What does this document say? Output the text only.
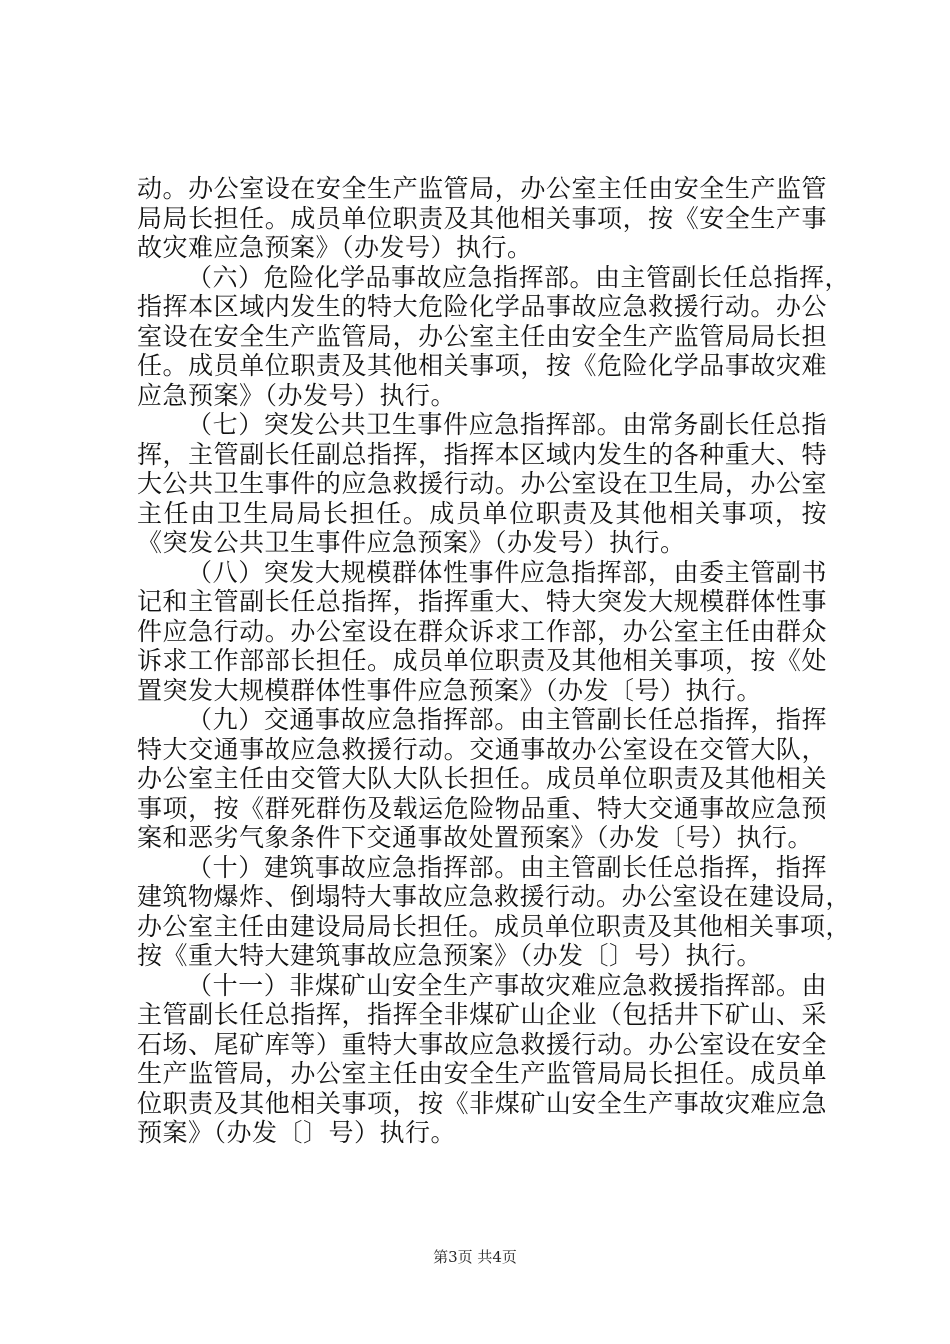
动。办公室设在安全生产监管局，办公室主任由安全生产监管
局局长担任。成员单位职责及其他相关事项，按《安全生产事
故灾难应急预案》（办发号）执行。
（六）危险化学品事故应急指挥部。由主管副长任总指挥，
指挥本区域内发生的特大危险化学品事故应急救援行动。办公
室设在安全生产监管局，办公室主任由安全生产监管局局长担
任。成员单位职责及其他相关事项，按《危险化学品事故灾难
应急预案》（办发号）执行。
（七）突发公共卫生事件应急指挥部。由常务副长任总指
挥，主管副长任副总指挥，指挥本区域内发生的各种重大、特
大公共卫生事件的应急救援行动。办公室设在卫生局，办公室
主任由卫生局局长担任。成员单位职责及其他相关事项，按
《突发公共卫生事件应急预案》（办发号）执行。
（八）突发大规模群体性事件应急指挥部，由委主管副书
记和主管副长任总指挥，指挥重大、特大突发大规模群体性事
件应急行动。办公室设在群众诉求工作部，办公室主任由群众
诉求工作部部长担任。成员单位职责及其他相关事项，按《处
置突发大规模群体性事件应急预案》（办发〔号）执行。
（九）交通事故应急指挥部。由主管副长任总指挥，指挥
特大交通事故应急救援行动。交通事故办公室设在交管大队，
办公室主任由交管大队大队长担任。成员单位职责及其他相关
事项，按《群死群伤及载运危险物品重、特大交通事故应急预
案和恶劣气象条件下交通事故处置预案》（办发〔号）执行。
（十）建筑事故应急指挥部。由主管副长任总指挥，指挥
建筑物爆炸、倒塌特大事故应急救援行动。办公室设在建设局，
办公室主任由建设局局长担任。成员单位职责及其他相关事项，
按《重大特大建筑事故应急预案》（办发〔〕号）执行。
（十一）非煤矿山安全生产事故灾难应急救援指挥部。由
主管副长任总指挥，指挥全非煤矿山企业（包括井下矿山、采
石场、尾矿库等）重特大事故应急救援行动。办公室设在安全
生产监管局，办公室主任由安全生产监管局局长担任。成员单
位职责及其他相关事项，按《非煤矿山安全生产事故灾难应急
预案》（办发〔〕号）执行。
第3页 共4页
